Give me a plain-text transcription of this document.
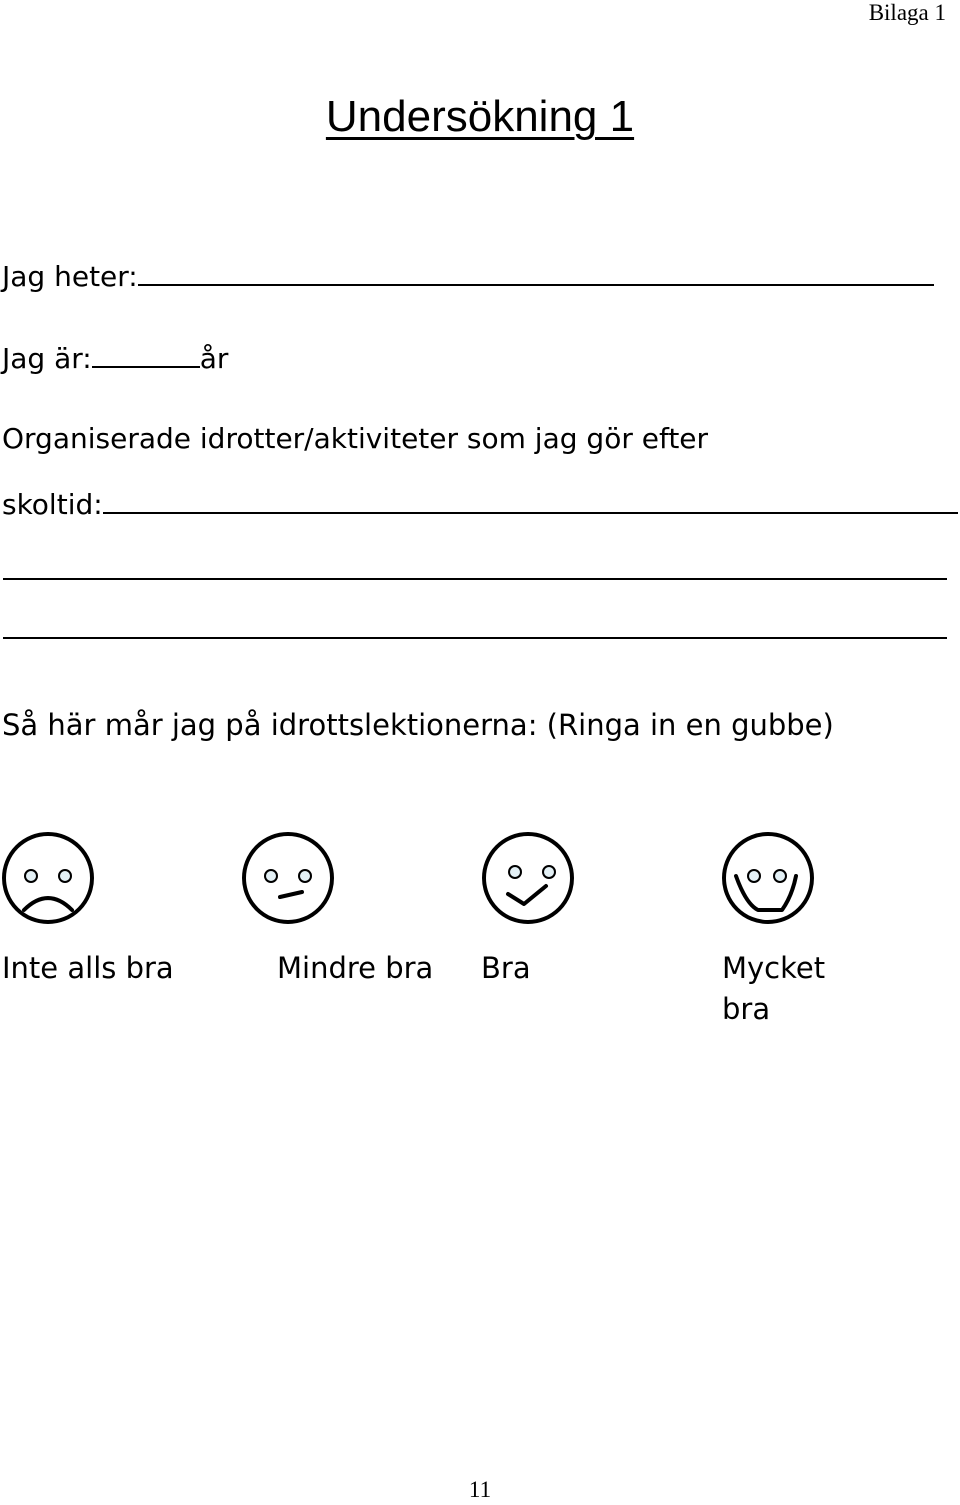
Bilaga 1
Undersökning 1
Jag heter:
Jag är:	år
Organiserade idrotter/aktiviteter som jag gör efter
skoltid:
Så här mår jag på idrottslektionerna: (Ringa in en gubbe)
Inte alls bra	Mindre bra Bra	Mycket
bra
11
